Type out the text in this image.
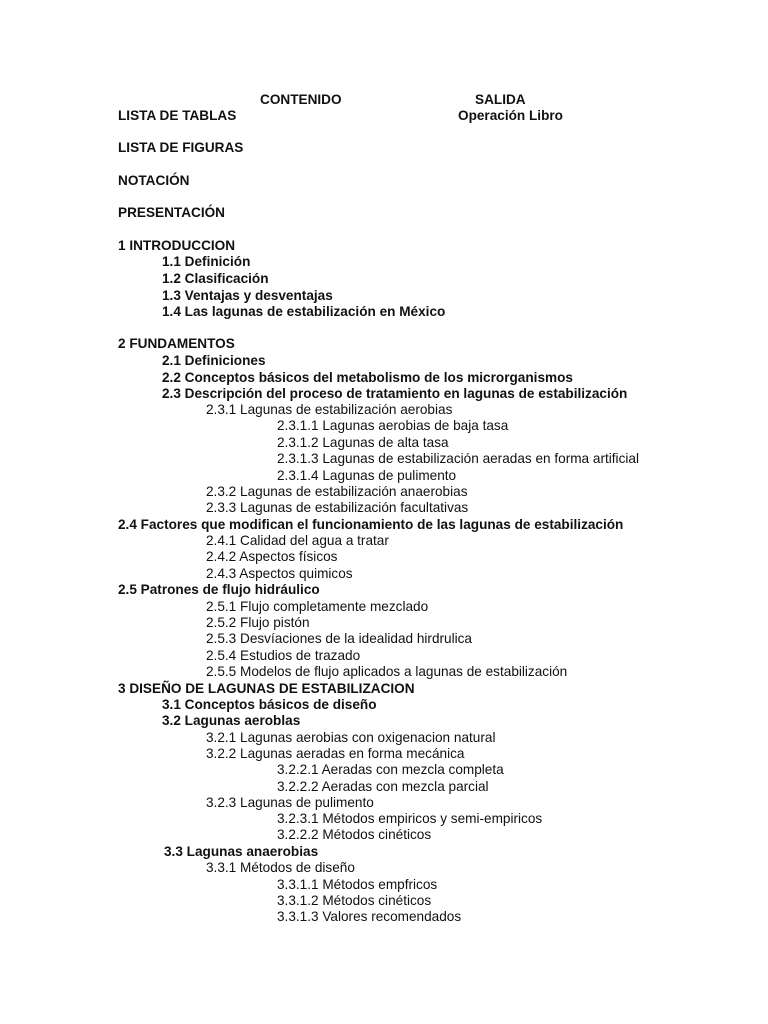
CONTENIDO	SALIDA
LISTA DE TABLAS	Operación Libro
LISTA DE FIGURAS
NOTACIÓN
PRESENTACIÓN
1 INTRODUCCION
1.1 Definición
1.2 Clasificación
1.3 Ventajas y desventajas
1.4 Las lagunas de estabilización en México
2 FUNDAMENTOS
2.1 Definiciones
2.2 Conceptos básicos del metabolismo de los microrganismos
2.3 Descripción del proceso de tratamiento en lagunas de estabilización
2.3.1 Lagunas de estabilización aerobias
2.3.1.1 Lagunas aerobias de baja tasa
2.3.1.2 Lagunas de alta tasa
2.3.1.3 Lagunas de estabilización aeradas en forma artificial
2.3.1.4 Lagunas de pulimento
2.3.2 Lagunas de estabilización anaerobias
2.3.3 Lagunas de estabilización facultativas
2.4 Factores que modifican el funcionamiento de las lagunas de estabilización
2.4.1 Calidad del agua a tratar
2.4.2 Aspectos físicos
2.4.3 Aspectos quimicos
2.5 Patrones de flujo hidráulico
2.5.1 Flujo completamente mezclado
2.5.2 Flujo pistón
2.5.3 Desvíaciones de la idealidad hirdrulica
2.5.4 Estudios de trazado
2.5.5 Modelos de flujo aplicados a lagunas de estabilización
3 DISEÑO DE LAGUNAS DE ESTABILIZACION
3.1 Conceptos básicos de diseño
3.2 Lagunas aeroblas
3.2.1 Lagunas aerobias con oxigenacion natural
3.2.2 Lagunas aeradas en forma mecánica
3.2.2.1 Aeradas con mezcla completa
3.2.2.2 Aeradas con mezcla parcial
3.2.3 Lagunas de pulimento
3.2.3.1 Métodos empiricos y semi-empiricos
3.2.2.2 Métodos cinéticos
3.3 Lagunas anaerobias
3.3.1 Métodos de diseño
3.3.1.1 Métodos empfricos
3.3.1.2 Métodos cinéticos
3.3.1.3 Valores recomendados
